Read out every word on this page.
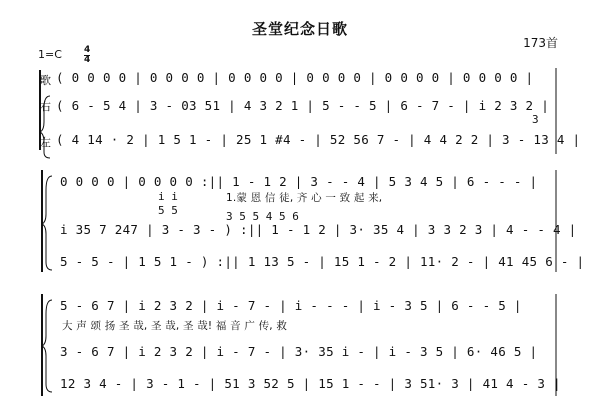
圣堂纪念日歌
173首
1=C 4
4
歌
右
左
( 0 0 0 0 | 0 0 0 0 | 0 0 0 0 | 0 0 0 0 | 0 0 0 0 | 0 0 0 0 |
3
( 6 - 5 4 | 3 - 03 51 | 4 3 2 1 | 5 - - 5 | 6 - 7 - | i 2 3 2 |
( 4 14 · 2 | 1 5 1 - | 25 1 #4 - | 52 56 7 - | 4 4 2 2 | 3 - 13 4 |
0 0 0 0 | 0 0 0 0 :|| 1 - 1 2 | 3 - - 4 | 5 3 4 5 | 6 - - - |
i i
5 5
1.蒙 恩 信 徒, 齐 心 一 致 起 来,
3 5 5 4 5 6
i 35 7 247 | 3 - 3 - ) :|| 1 - 1 2 | 3· 35 4 | 3 3 2 3 | 4 - - 4 |
5 - 5 - | 1 5 1 - ) :|| 1 13 5 - | 15 1 - 2 | 11· 2 - | 41 45 6 - |
5 - 6 7 | i 2 3 2 | i - 7 - | i - - - | i - 3 5 | 6 - - 5 |
大 声 颂 扬 圣 哉, 圣 哉, 圣 哉! 福 音 广 传, 救
3 - 6 7 | i 2 3 2 | i - 7 - | 3· 35 i - | i - 3 5 | 6· 46 5 |
12 3 4 - | 3 - 1 - | 51 3 52 5 | 15 1 - - | 3 51· 3 | 41 4 - 3 |
